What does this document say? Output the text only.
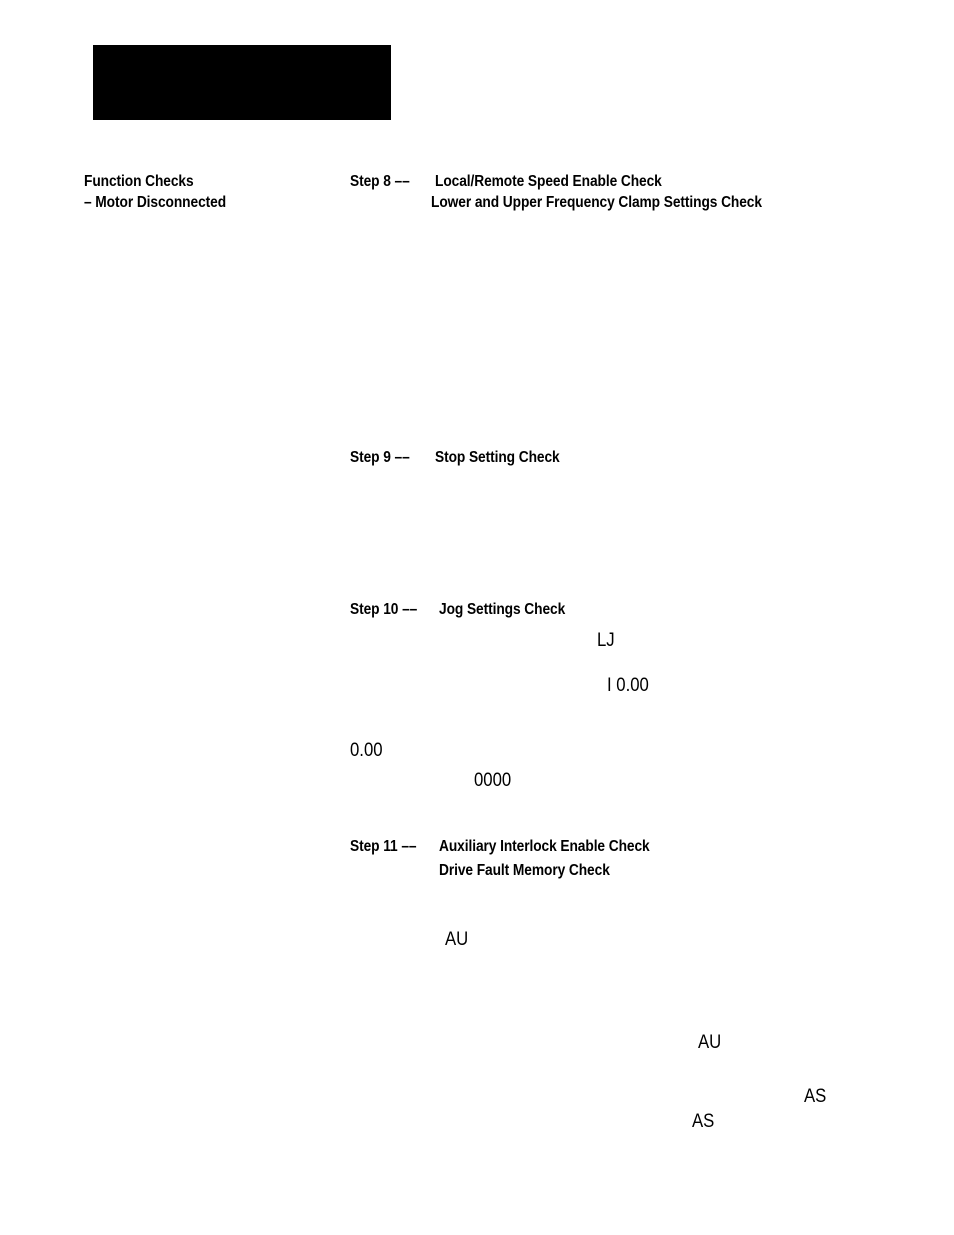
Function Checks
– Motor Disconnected
Step 8 –– Local/Remote Speed Enable Check
Lower and Upper Frequency Clamp Settings Check
Step 9 –– Stop Setting Check
Step 10 –– Jog Settings Check
LJ
I 0.00
0.00
0000
Step 11 –– Auxiliary Interlock Enable Check
Drive Fault Memory Check
AU
AU
AS
AS
